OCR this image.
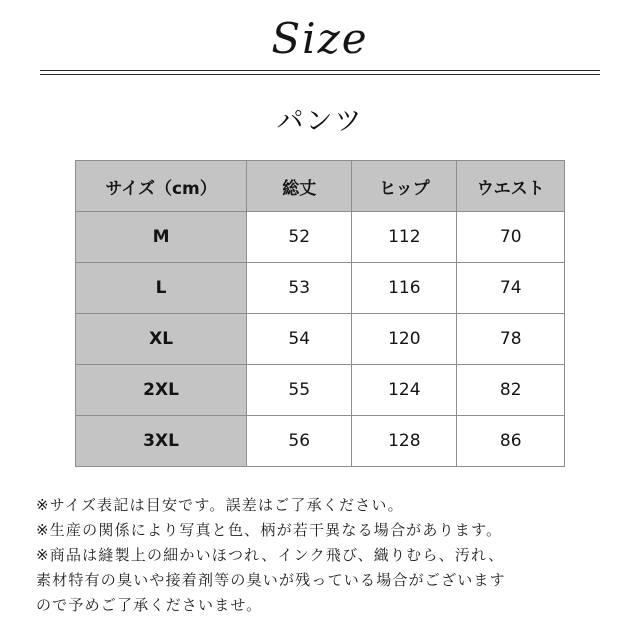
Size
パンツ
サイズ（cm）	総丈	ヒップ	ウエスト
M	52	112	70
L	53	116	74
XL	54	120	78
2XL	55	124	82
3XL	56	128	86
※サイズ表記は目安です。誤差はご了承ください。
※生産の関係により写真と色、柄が若干異なる場合があります。
※商品は縫製上の細かいほつれ、インク飛び、織りむら、汚れ、
素材特有の臭いや接着剤等の臭いが残っている場合がございます
ので予めご了承くださいませ。
